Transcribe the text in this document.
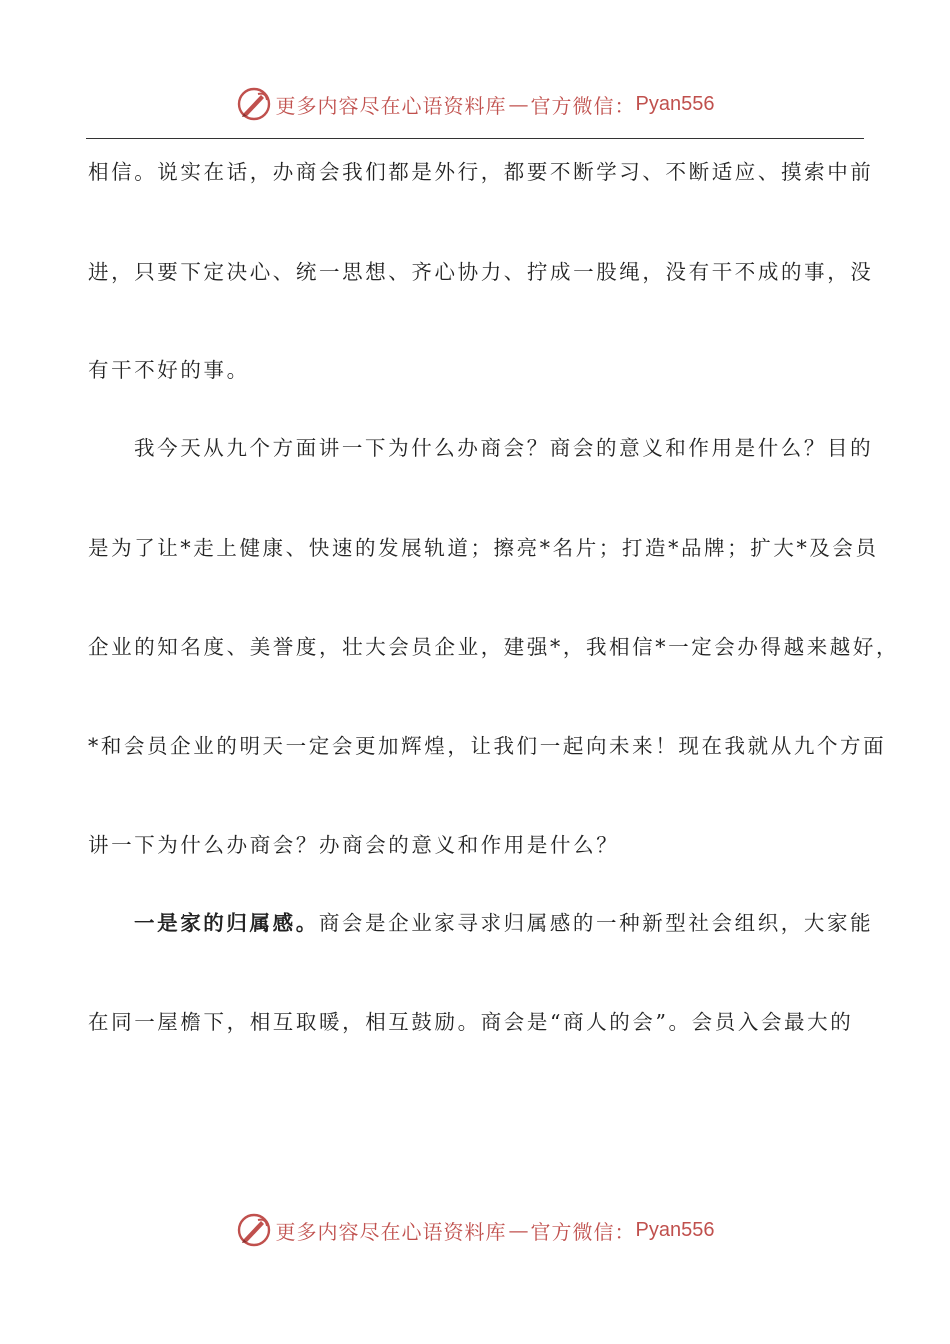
更多内容尽在心语资料库 — 官方微信： Pyan556
相信。说实在话，办商会我们都是外行，都要不断学习、不断适应、摸索中前
进，只要下定决心、统一思想、齐心协力、拧成一股绳，没有干不成的事，没
有干不好的事。
我今天从九个方面讲一下为什么办商会？商会的意义和作用是什么？目的
是为了让*走上健康、快速的发展轨道；擦亮*名片；打造*品牌；扩大*及会员
企业的知名度、美誉度，壮大会员企业，建强*，我相信*一定会办得越来越好，
*和会员企业的明天一定会更加辉煌，让我们一起向未来！现在我就从九个方面
讲一下为什么办商会？办商会的意义和作用是什么？
一是家的归属感。商会是企业家寻求归属感的一种新型社会组织，大家能
在同一屋檐下，相互取暖，相互鼓励。商会是“商人的会”。会员入会最大的
更多内容尽在心语资料库 — 官方微信： Pyan556
